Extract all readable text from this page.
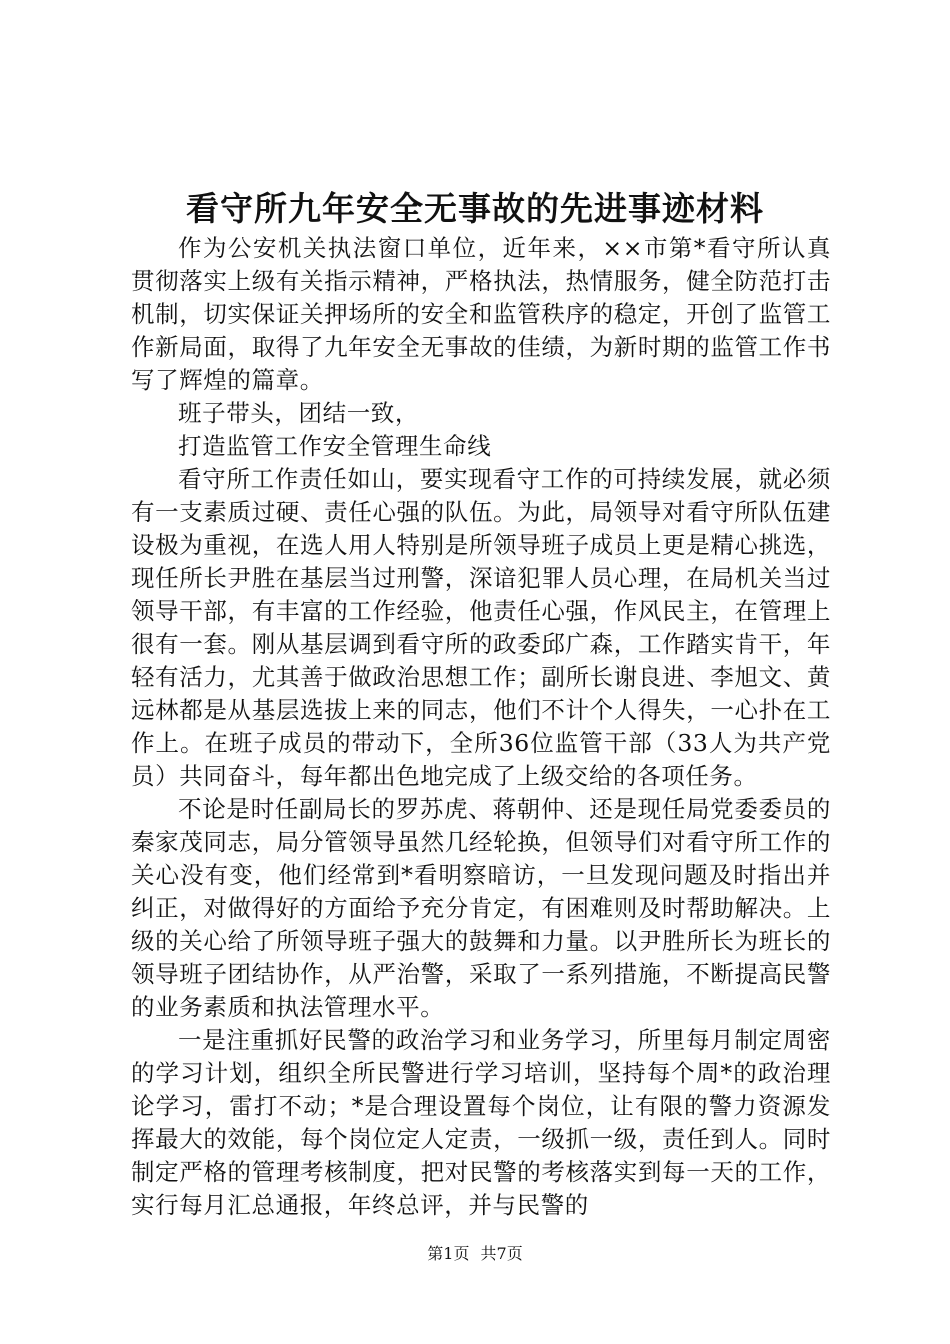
看守所九年安全无事故的先进事迹材料

作为公安机关执法窗口单位，近年来，××市第*看守所认真贯彻落实上级有关指示精神，严格执法，热情服务，健全防范打击机制，切实保证关押场所的安全和监管秩序的稳定，开创了监管工作新局面，取得了九年安全无事故的佳绩，为新时期的监管工作书写了辉煌的篇章。

班子带头，团结一致，

打造监管工作安全管理生命线

看守所工作责任如山，要实现看守工作的可持续发展，就必须有一支素质过硬、责任心强的队伍。为此，局领导对看守所队伍建设极为重视，在选人用人特别是所领导班子成员上更是精心挑选，现任所长尹胜在基层当过刑警，深谙犯罪人员心理，在局机关当过领导干部，有丰富的工作经验，他责任心强，作风民主，在管理上很有一套。刚从基层调到看守所的政委邱广森，工作踏实肯干，年轻有活力，尤其善于做政治思想工作；副所长谢良进、李旭文、黄远林都是从基层选拔上来的同志，他们不计个人得失，一心扑在工作上。在班子成员的带动下，全所36位监管干部（33人为共产党员）共同奋斗，每年都出色地完成了上级交给的各项任务。

不论是时任副局长的罗苏虎、蒋朝仲、还是现任局党委委员的秦家茂同志，局分管领导虽然几经轮换，但领导们对看守所工作的关心没有变，他们经常到*看明察暗访，一旦发现问题及时指出并纠正，对做得好的方面给予充分肯定，有困难则及时帮助解决。上级的关心给了所领导班子强大的鼓舞和力量。以尹胜所长为班长的领导班子团结协作，从严治警，采取了一系列措施，不断提高民警的业务素质和执法管理水平。

一是注重抓好民警的政治学习和业务学习，所里每月制定周密的学习计划，组织全所民警进行学习培训，坚持每个周*的政治理论学习，雷打不动；*是合理设置每个岗位，让有限的警力资源发挥最大的效能，每个岗位定人定责，一级抓一级，责任到人。同时制定严格的管理考核制度，把对民警的考核落实到每一天的工作，实行每月汇总通报，年终总评，并与民警的

第1页 共7页
